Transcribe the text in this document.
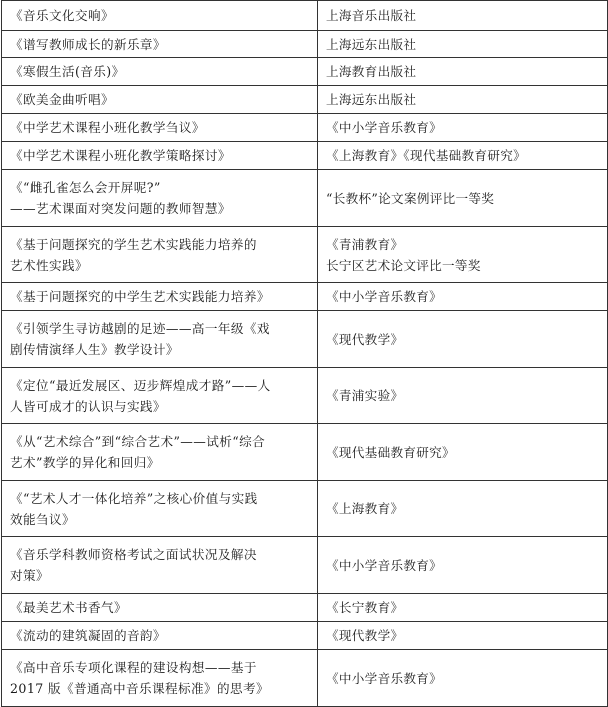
《音乐文化交响》	上海音乐出版社

《谱写教师成长的新乐章》	上海远东出版社

《寒假生活(音乐)》	上海教育出版社

《欧美金曲听唱》	上海远东出版社

《中学艺术课程小班化教学刍议》	《中小学音乐教育》

《中学艺术课程小班化教学策略探讨》	《上海教育》《现代基础教育研究》

《“雌孔雀怎么会开屏呢?”
——艺术课面对突发问题的教师智慧》	“长教杯”论文案例评比一等奖

《基于问题探究的学生艺术实践能力培养的
艺术性实践》	《青浦教育》
长宁区艺术论文评比一等奖

《基于问题探究的中学生艺术实践能力培养》	《中小学音乐教育》

《引领学生寻访越剧的足迹——高一年级《戏
剧传情演绎人生》教学设计》	《现代教学》

《定位“最近发展区、迈步辉煌成才路”——人
人皆可成才的认识与实践》	《青浦实验》

《从“艺术综合”到“综合艺术”——试析“综合
艺术”教学的异化和回归》	《现代基础教育研究》

《“艺术人才一体化培养”之核心价值与实践
效能刍议》	《上海教育》

《音乐学科教师资格考试之面试状况及解决
对策》	《中小学音乐教育》

《最美艺术书香气》	《长宁教育》

《流动的建筑凝固的音韵》	《现代教学》

《高中音乐专项化课程的建设构想——基于
2017 版《普通高中音乐课程标准》的思考》	《中小学音乐教育》
